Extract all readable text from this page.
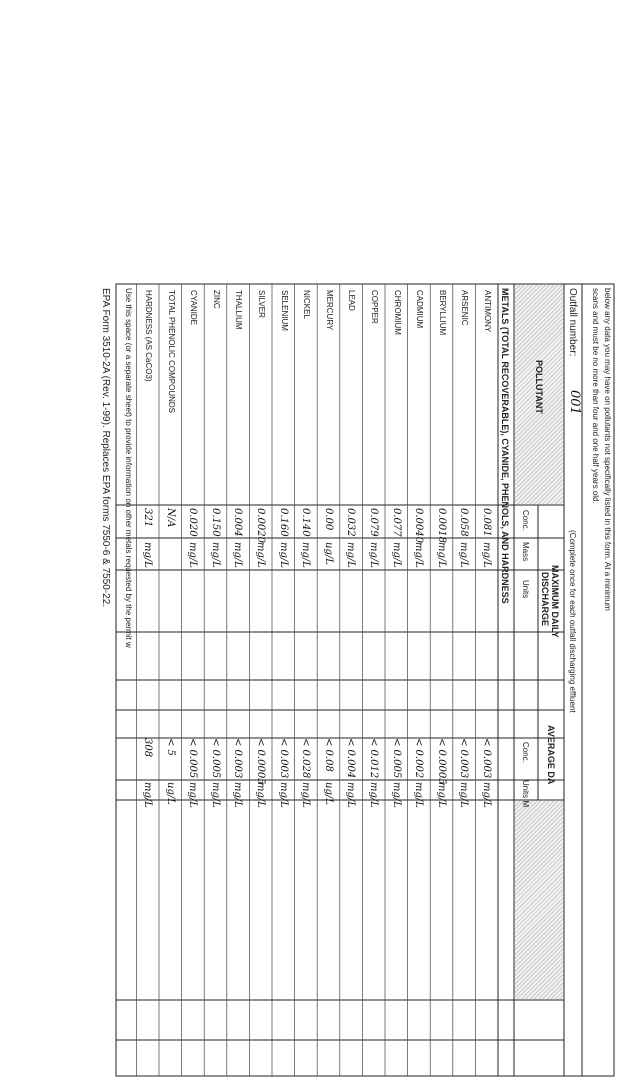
below any data you may have on pollutants not specifically listed in this form. At a minimum
scans and must be no more than four and one half years old.
Outfall number:
001
(Complete once for each outfall discharging effluent
POLLUTANT
MAXIMUM DAILY
DISCHARGE
Conc.
Mass
Units
AVERAGE DA
Conc.
Units M
METALS (TOTAL RECOVERABLE), CYANIDE, PHENOLS, AND HARDNESS
ANTIMONY
0.081
mg/L
< 0.003
mg/L
ARSENIC
0.058
mg/L
< 0.003
mg/L
BERYLLIUM
0.0018
mg/L
< 0.0005
mg/L
CADMIUM
0.0040
mg/L
< 0.002
mg/L
CHROMIUM
0.077
mg/L
< 0.005
mg/L
COPPER
0.079
mg/L
< 0.012
mg/L
LEAD
0.032
mg/L
< 0.004
mg/L
MERCURY
0.00
ug/L
< 0.08
ug/L
NICKEL
0.140
mg/L
< 0.028
mg/L
SELENIUM
0.160
mg/L
< 0.003
mg/L
SILVER
0.0020
mg/L
< 0.0005
mg/L
THALLIUM
0.004
mg/L
< 0.003
mg/L
ZINC
0.150
mg/L
< 0.005
mg/L
CYANIDE
0.020
mg/L
< 0.005
mg/L
TOTAL PHENOLIC COMPOUNDS
N/A
< 5
ug/L
HARDNESS (AS CaCO3)
321
mg/L
308
mg/L
Use this space (or a separate sheet) to provide information on other metals requested by the permit w
EPA Form 3510-2A (Rev. 1-99). Replaces EPA forms 7550-6 & 7550-22.
